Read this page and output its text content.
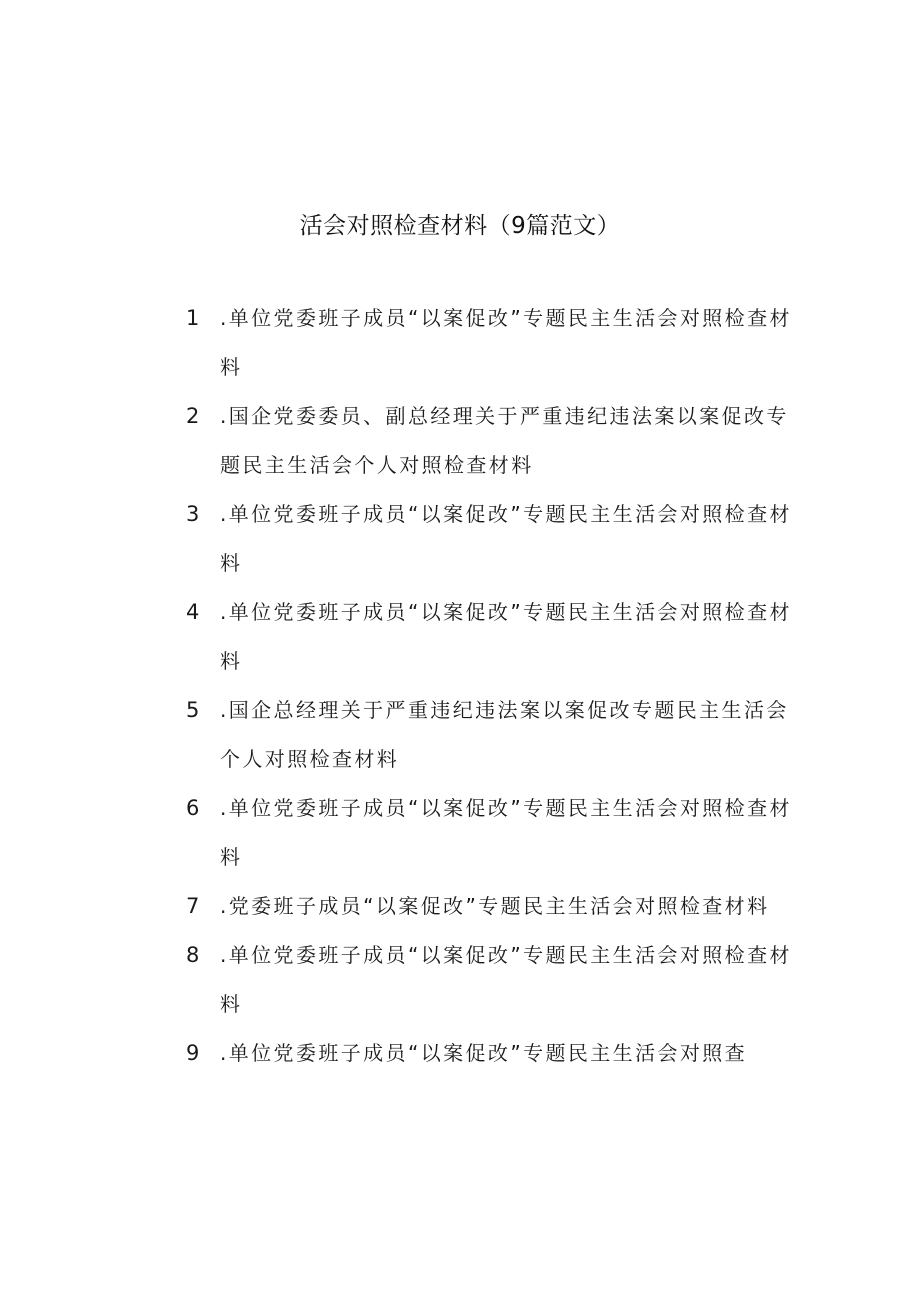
活会对照检查材料（9篇范文）
1	.单位党委班子成员“以案促改”专题民主生活会对照检查材料
2	.国企党委委员、副总经理关于严重违纪违法案以案促改专题民主生活会个人对照检查材料
3	.单位党委班子成员“以案促改”专题民主生活会对照检查材料
4	.单位党委班子成员“以案促改”专题民主生活会对照检查材料
5	.国企总经理关于严重违纪违法案以案促改专题民主生活会个人对照检查材料
6	.单位党委班子成员“以案促改”专题民主生活会对照检查材料
7	.党委班子成员“以案促改”专题民主生活会对照检查材料
8	.单位党委班子成员“以案促改”专题民主生活会对照检查材料
9	.单位党委班子成员“以案促改”专题民主生活会对照查
